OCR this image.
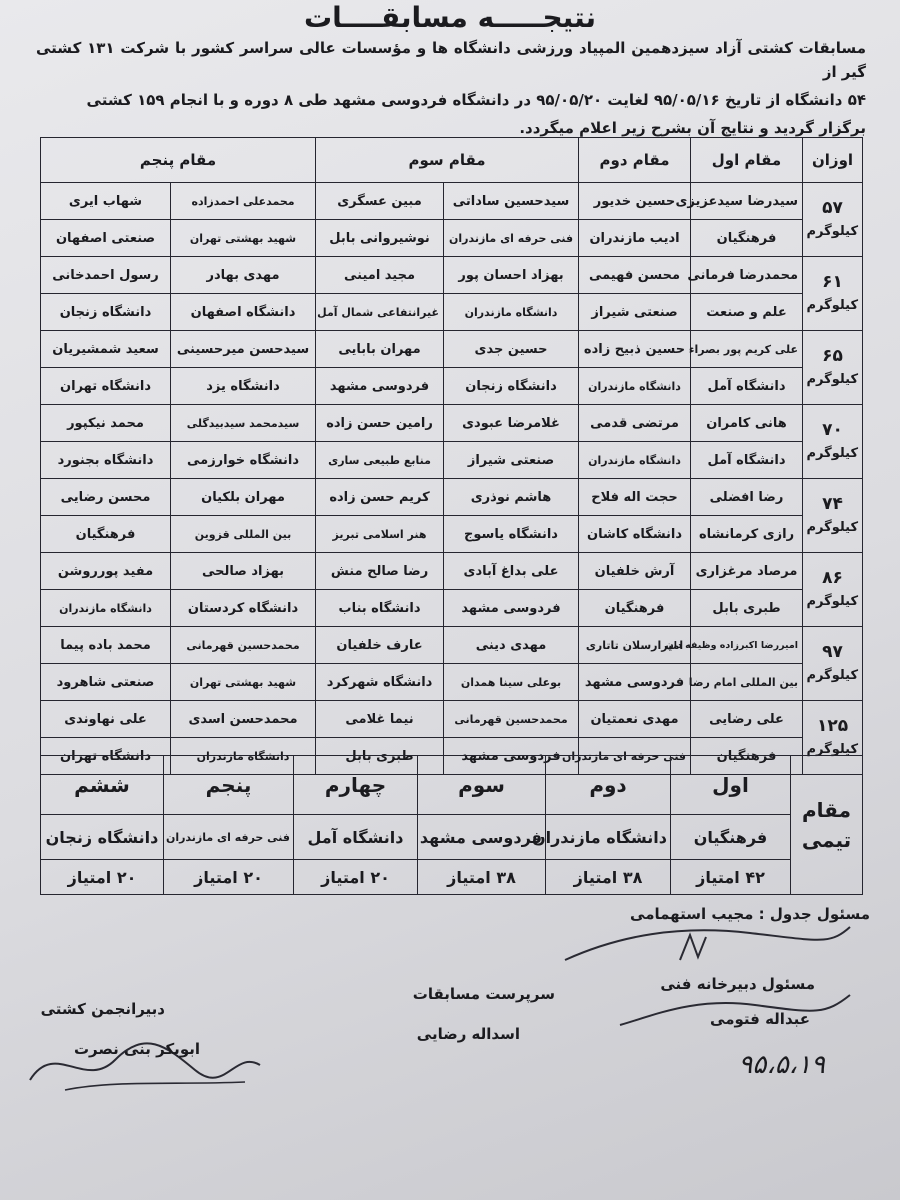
نتیجـــــه مسابقــــات

مسابقات کشتی آزاد سیزدهمین المپیاد ورزشی دانشگاه ها و مؤسسات عالی سراسر کشور با شرکت ۱۳۱ کشتی گیر از

۵۴ دانشگاه از تاریخ ۹۵/۰۵/۱۶ لغایت ۹۵/۰۵/۲۰ در دانشگاه فردوسی مشهد طی ۸ دوره و با انجام ۱۵۹ کشتی

برگزار گردید و نتایج آن بشرح زیر اعلام میگردد.

اوزان	مقام اول	مقام دوم	مقام سوم		مقام پنجم	

۵۷
کیلوگرم	سیدرضا سیدعزیزی	حسین خدیور	سیدحسین ساداتی	مبین عسگری	محمدعلی احمدزاده	شهاب ایری
	فرهنگیان	ادیب مازندران	فنی حرفه ای مازندران	نوشیروانی بابل	شهید بهشتی تهران	صنعتی اصفهان

۶۱
کیلوگرم	محمدرضا فرمانی	محسن فهیمی	بهزاد احسان پور	مجید امینی	مهدی بهادر	رسول احمدخانی
	علم و صنعت	صنعتی شیراز	دانشگاه مازندران	غیرانتفاعی شمال آمل	دانشگاه اصفهان	دانشگاه زنجان

۶۵
کیلوگرم	علی کریم پور بصراء	حسین ذبیح زاده	حسین جدی	مهران بابایی	سیدحسن میرحسینی	سعید شمشیریان
	دانشگاه آمل	دانشگاه مازندران	دانشگاه زنجان	فردوسی مشهد	دانشگاه یزد	دانشگاه تهران

۷۰
کیلوگرم	هانی کامران	مرتضی قدمی	غلامرضا عبودی	رامین حسن زاده	سیدمحمد سیدبیدگلی	محمد نیکپور
	دانشگاه آمل	دانشگاه مازندران	صنعتی شیراز	منابع طبیعی ساری	دانشگاه خوارزمی	دانشگاه بجنورد

۷۴
کیلوگرم	رضا افضلی	حجت اله فلاح	هاشم نوذری	کریم حسن زاده	مهران بلکیان	محسن رضایی
	رازی کرمانشاه	دانشگاه کاشان	دانشگاه یاسوج	هنر اسلامی تبریز	بین المللی قزوین	فرهنگیان

۸۶
کیلوگرم	مرصاد مرغزاری	آرش خلفیان	علی بداغ آبادی	رضا صالح منش	بهزاد صالحی	مفید پورروشن
	طبری بابل	فرهنگیان	فردوسی مشهد	دانشگاه بناب	دانشگاه کردستان	دانشگاه مازندران

۹۷
کیلوگرم	امیررضا اکبرزاده وظیفه دان	امیرارسلان تاتاری	مهدی دینی	عارف خلفیان	محمدحسین قهرمانی	محمد باده پیما
	بین المللی امام رضا	فردوسی مشهد	بوعلی سینا همدان	دانشگاه شهرکرد	شهید بهشتی تهران	صنعتی شاهرود

۱۲۵
کیلوگرم	علی رضایی	مهدی نعمتیان	محمدحسین قهرمانی	نیما غلامی	محمدحسن اسدی	علی نهاوندی
	فرهنگیان	فنی حرفه ای مازندران	فردوسی مشهد	طبری بابل	دانشگاه مازندران	دانشگاه تهران
مقام
تیمی	اول	دوم	سوم	چهارم	پنجم	ششم
	فرهنگیان	دانشگاه مازندران	فردوسی مشهد	دانشگاه آمل	فنی حرفه ای مازندران	دانشگاه زنجان
	۴۲ امتیاز	۳۸ امتیاز	۳۸ امتیاز	۲۰ امتیاز	۲۰ امتیاز	۲۰ امتیاز
مسئول جدول : مجیب استهمامی
مسئول دبیرخانه فنی
عبداله فتومی
۹۵،۵،۱۹
سرپرست مسابقات
اسداله رضایی
دبیرانجمن کشتی
ابوبکر بنی نصرت
